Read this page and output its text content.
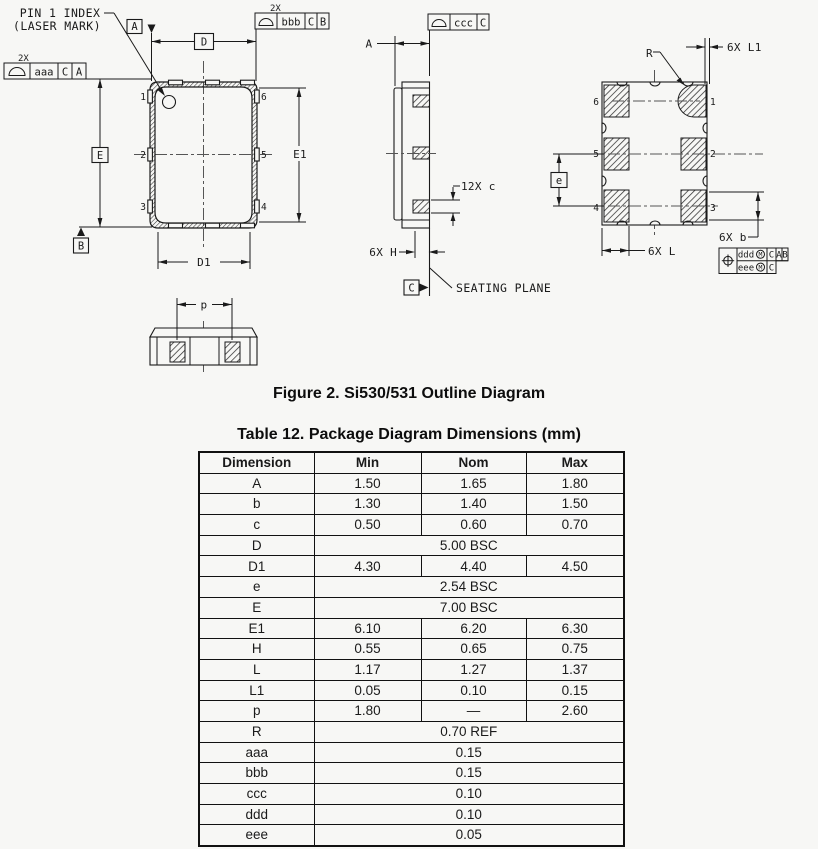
1
2
3
6
5
4
PIN 1 INDEX
(LASER MARK)
2X
aaa C A
E
B
A
D
2X
bbb C B
E1
D1
ccc C
A
12X c
6X H
C	SEATING PLANE
p
6
5
4
1
2
3
R	6X L1
e
6X L
6X b
ddd M C A B
eee M C
Figure 2. Si530/531 Outline Diagram
Table 12. Package Diagram Dimensions (mm)
Dimension	Min	Nom	Max
A	1.50	1.65	1.80
b	1.30	1.40	1.50
c	0.50	0.60	0.70
D	5.00 BSC		
D1	4.30	4.40	4.50
e	2.54 BSC		
E	7.00 BSC		
E1	6.10	6.20	6.30
H	0.55	0.65	0.75
L	1.17	1.27	1.37
L1	0.05	0.10	0.15
p	1.80	—	2.60
R	0.70 REF		
aaa	0.15		
bbb	0.15		
ccc	0.10		
ddd	0.10		
eee	0.05		
